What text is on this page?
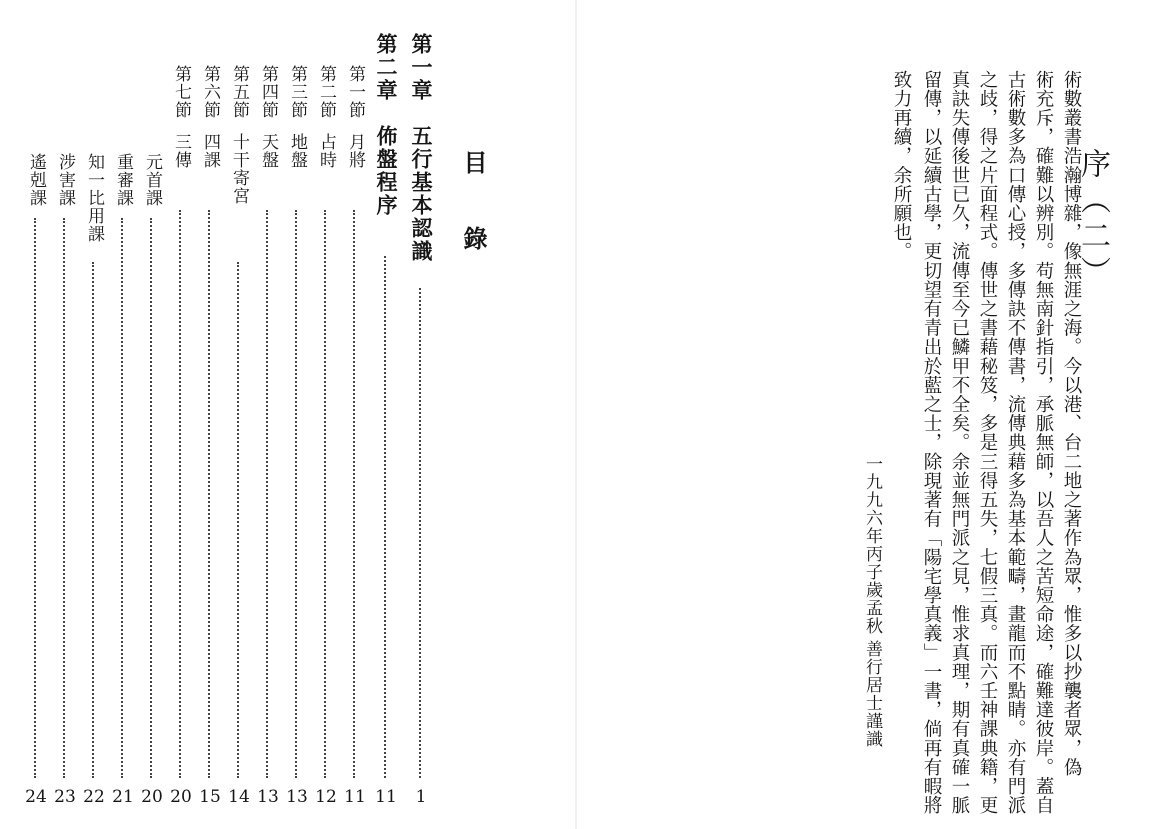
序（二）
術數叢書浩瀚博雜，像無涯之海。今以港、台二地之著作為眾，惟多以抄襲者眾，偽
術充斥，確難以辨別。苟無南針指引，承脈無師，以吾人之苦短命途，確難達彼岸。蓋自
古術數多為口傳心授，多傳訣不傳書，流傳典藉多為基本範疇，畫龍而不點睛。亦有門派
之歧，得之片面程式。傳世之書藉秘笈，多是三得五失，七假三真。而六壬神課典籍，更
真訣失傳後世已久，流傳至今已鱗甲不全矣。余並無門派之見，惟求真理，期有真確一脈
留傳，以延續古學，更切望有青出於藍之士，除現著有「陽宅學真義」一書，倘再有暇將
致力再續，余所願也。
一九九六年丙子歲孟秋
善行居士謹識
目錄
第一章　五行基本認識
1
第二章　佈盤程序
11
第一節月將
11
第二節占時
12
第三節地盤
13
第四節天盤
13
第五節十干寄宮
14
第六節四課
15
第七節三傳
20
元首課
20
重審課
21
知一比用課
22
涉害課
23
遙剋課
24
